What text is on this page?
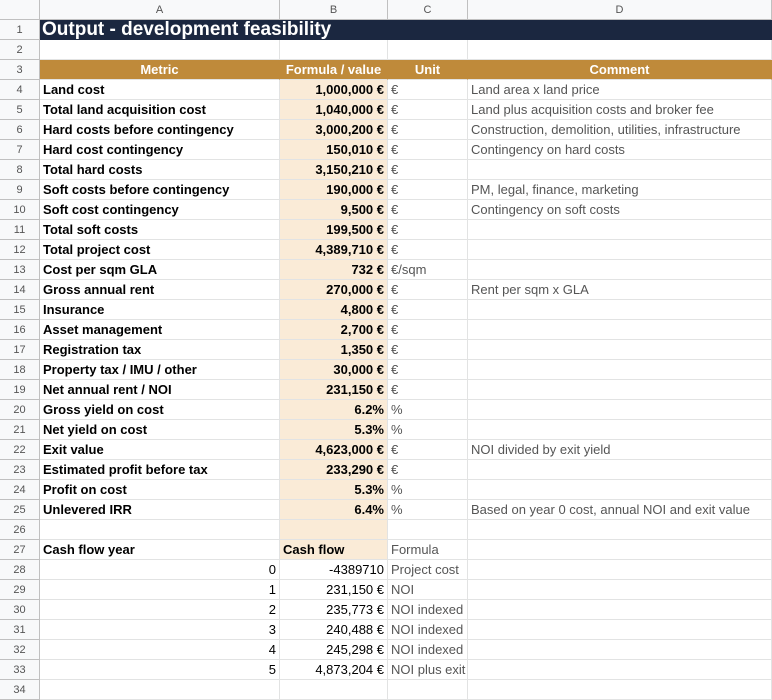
A	B	C	D
1
2
3	Metric	Formula / value	Unit	Comment
4	Land cost	1,000,000 € €	Land area x land price
5	Total land acquisition cost	1,040,000 € €	Land plus acquisition costs and broker fee
6	Hard costs before contingency	3,000,200 € €	Construction, demolition, utilities, infrastructure
7	Hard cost contingency	150,010 € €	Contingency on hard costs
8	Total hard costs	3,150,210 € €
9	Soft costs before contingency	190,000 € €	PM, legal, finance, marketing
10	Soft cost contingency	9,500 € €	Contingency on soft costs
11	Total soft costs	199,500 € €
12	Total project cost	4,389,710 € €
13	Cost per sqm GLA	732 € €/sqm
14	Gross annual rent	270,000 € €	Rent per sqm x GLA
15	Insurance	4,800 € €
16	Asset management	2,700 € €
17	Registration tax	1,350 € €
18	Property tax / IMU / other	30,000 € €
19	Net annual rent / NOI	231,150 € €
20	Gross yield on cost	6.2% %
21	Net yield on cost	5.3% %
22	Exit value	4,623,000 € €	NOI divided by exit yield
23	Estimated profit before tax	233,290 € €
24	Profit on cost	5.3% %
25	Unlevered IRR	6.4% %	Based on year 0 cost, annual NOI and exit value
26
27	Cash flow year	Cash flow	Formula
28	0	-4389710 Project cost
29	1	231,150 € NOI
30	2	235,773 € NOI indexed
31	3	240,488 € NOI indexed
32	4	245,298 € NOI indexed
33	5	4,873,204 € NOI plus exit
34
Output - development feasibility
